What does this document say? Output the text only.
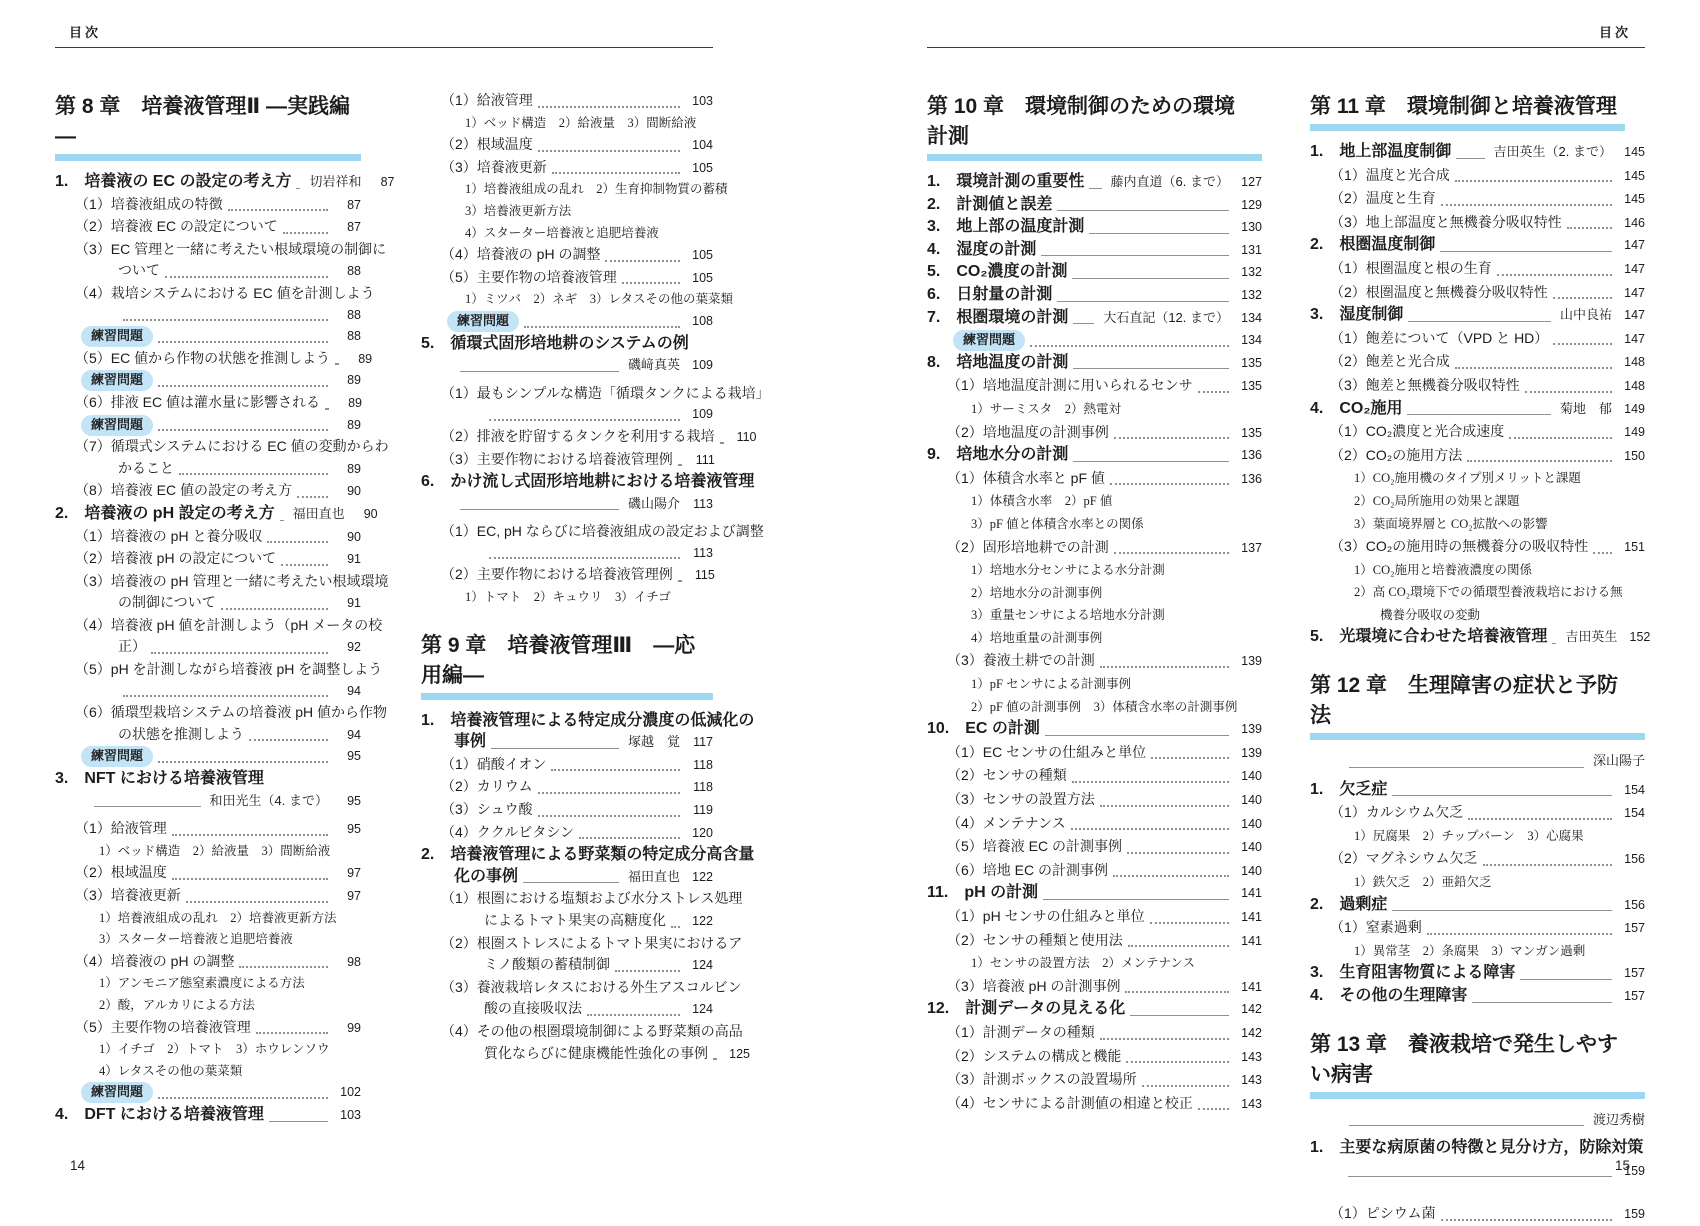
目次
第 8 章　培養液管理Ⅱ ―実践編―
1.　培養液の EC の設定の考え方 切岩祥和	87
（1）培養液組成の特徴	87
（2）培養液 EC の設定について	87
（3）EC 管理と一緒に考えたい根域環境の制御に
ついて	88
（4）栽培システムにおける EC 値を計測しよう
88
練習問題	88
（5）EC 値から作物の状態を推測しよう	89
練習問題	89
（6）排液 EC 値は灌水量に影響される	89
練習問題	89
（7）循環式システムにおける EC 値の変動からわ
かること	89
（8）培養液 EC 値の設定の考え方	90
2.　培養液の pH 設定の考え方 福田直也	90
（1）培養液の pH と養分吸収	90
（2）培養液 pH の設定について	91
（3）培養液の pH 管理と一緒に考えたい根域環境
の制御について	91
（4）培養液 pH 値を計測しよう（pH メータの校
正）	92
（5）pH を計測しながら培養液 pH を調整しよう
94
（6）循環型栽培システムの培養液 pH 値から作物
の状態を推測しよう	94
練習問題	95
3.　NFT における培養液管理
和田光生（4. まで）	95
（1）給液管理	95
1）ベッド構造　2）給液量　3）間断給液
（2）根域温度	97
（3）培養液更新	97
1）培養液組成の乱れ　2）培養液更新方法
3）スターター培養液と追肥培養液
（4）培養液の pH の調整	98
1）アンモニア態窒素濃度による方法
2）酸，アルカリによる方法
（5）主要作物の培養液管理	99
1）イチゴ　2）トマト　3）ホウレンソウ
4）レタスその他の葉菜類
練習問題	102
4.　DFT における培養液管理	103
（1）給液管理	103
1）ベッド構造　2）給液量　3）間断給液
（2）根域温度	104
（3）培養液更新	105
1）培養液組成の乱れ　2）生育抑制物質の蓄積
3）培養液更新方法
4）スターター培養液と追肥培養液
（4）培養液の pH の調整	105
（5）主要作物の培養液管理	105
1）ミツバ　2）ネギ　3）レタスその他の葉菜類
練習問題	108
5.　循環式固形培地耕のシステムの例
磯﨑真英 109
（1）最もシンプルな構造「循環タンクによる栽培」
109
（2）排液を貯留するタンクを利用する栽培	110
（3）主要作物における培養液管理例	111
6.　かけ流し式固形培地耕における培養液管理
磯山陽介	113
（1）EC, pH ならびに培養液組成の設定および調整
113
（2）主要作物における培養液管理例	115
1）トマト　2）キュウリ　3）イチゴ
第 9 章　培養液管理Ⅲ　―応用編―
1.　培養液管理による特定成分濃度の低減化の
事例	塚越　覚	117
（1）硝酸イオン	118
（2）カリウム	118
（3）シュウ酸	119
（4）ククルビタシン	120
2.　培養液管理による野菜類の特定成分高含量
化の事例	福田直也 122
（1）根圏における塩類および水分ストレス処理
によるトマト果実の高糖度化	122
（2）根圏ストレスによるトマト果実におけるア
ミノ酸類の蓄積制御	124
（3）養液栽培レタスにおける外生アスコルビン
酸の直接吸収法	124
（4）その他の根圏環境制御による野菜類の高品
質化ならびに健康機能性強化の事例	125
目次
第 10 章　環境制御のための環境計測
1.　環境計測の重要性 藤内直道（6. まで） 127
2.　計測値と誤差	129
3.　地上部の温度計測	130
4.　湿度の計測	131
5.　CO₂濃度の計測	132
6.　日射量の計測	132
7.　根圏環境の計測	大石直記（12. まで） 134
練習問題	134
8.　培地温度の計測	135
（1）培地温度計測に用いられるセンサ	135
1）サーミスタ　2）熱電対
（2）培地温度の計測事例	135
9.　培地水分の計測	136
（1）体積含水率と pF 値	136
1）体積含水率　2）pF 値
3）pF 値と体積含水率との関係
（2）固形培地耕での計測	137
1）培地水分センサによる水分計測
2）培地水分の計測事例
3）重量センサによる培地水分計測
4）培地重量の計測事例
（3）養液土耕での計測	139
1）pF センサによる計測事例
2）pF 値の計測事例　3）体積含水率の計測事例
10.　EC の計測	139
（1）EC センサの仕組みと単位	139
（2）センサの種類	140
（3）センサの設置方法	140
（4）メンテナンス	140
（5）培養液 EC の計測事例	140
（6）培地 EC の計測事例	140
11.　pH の計測	141
（1）pH センサの仕組みと単位	141
（2）センサの種類と使用法	141
1）センサの設置方法　2）メンテナンス
（3）培養液 pH の計測事例	141
12.　計測データの見える化	142
（1）計測データの種類	142
（2）システムの構成と機能	143
（3）計測ボックスの設置場所	143
（4）センサによる計測値の相違と校正	143
第 11 章　環境制御と培養液管理
1.　地上部温度制御	吉田英生（2. まで） 145
（1）温度と光合成	145
（2）温度と生育	145
（3）地上部温度と無機養分吸収特性	146
2.　根圏温度制御	147
（1）根圏温度と根の生育	147
（2）根圏温度と無機養分吸収特性	147
3.　湿度制御	山中良祐 147
（1）飽差について（VPD と HD）	147
（2）飽差と光合成	148
（3）飽差と無機養分吸収特性	148
4.　CO₂施用	菊地　郁 149
（1）CO₂濃度と光合成速度	149
（2）CO₂の施用方法	150
1）CO₂施用機のタイプ別メリットと課題
2）CO₂局所施用の効果と課題
3）葉面境界層と CO₂拡散への影響
（3）CO₂の施用時の無機養分の吸収特性	151
1）CO₂施用と培養液濃度の関係
2）高 CO₂環境下での循環型養液栽培における無
機養分吸収の変動
5.　光環境に合わせた培養液管理 吉田英生 152
第 12 章　生理障害の症状と予防法
深山陽子
1.　欠乏症	154
（1）カルシウム欠乏	154
1）尻腐果　2）チップバーン　3）心腐果
（2）マグネシウム欠乏	156
1）鉄欠乏　2）亜鉛欠乏
2.　過剰症	156
（1）窒素過剰	157
1）異常茎　2）条腐果　3）マンガン過剰
3.　生育阻害物質による障害	157
4.　その他の生理障害	157
第 13 章　養液栽培で発生しやすい病害
渡辺秀樹
1.　主要な病原菌の特徴と見分け方，防除対策
159
（1）ピシウム菌	159
14	15
